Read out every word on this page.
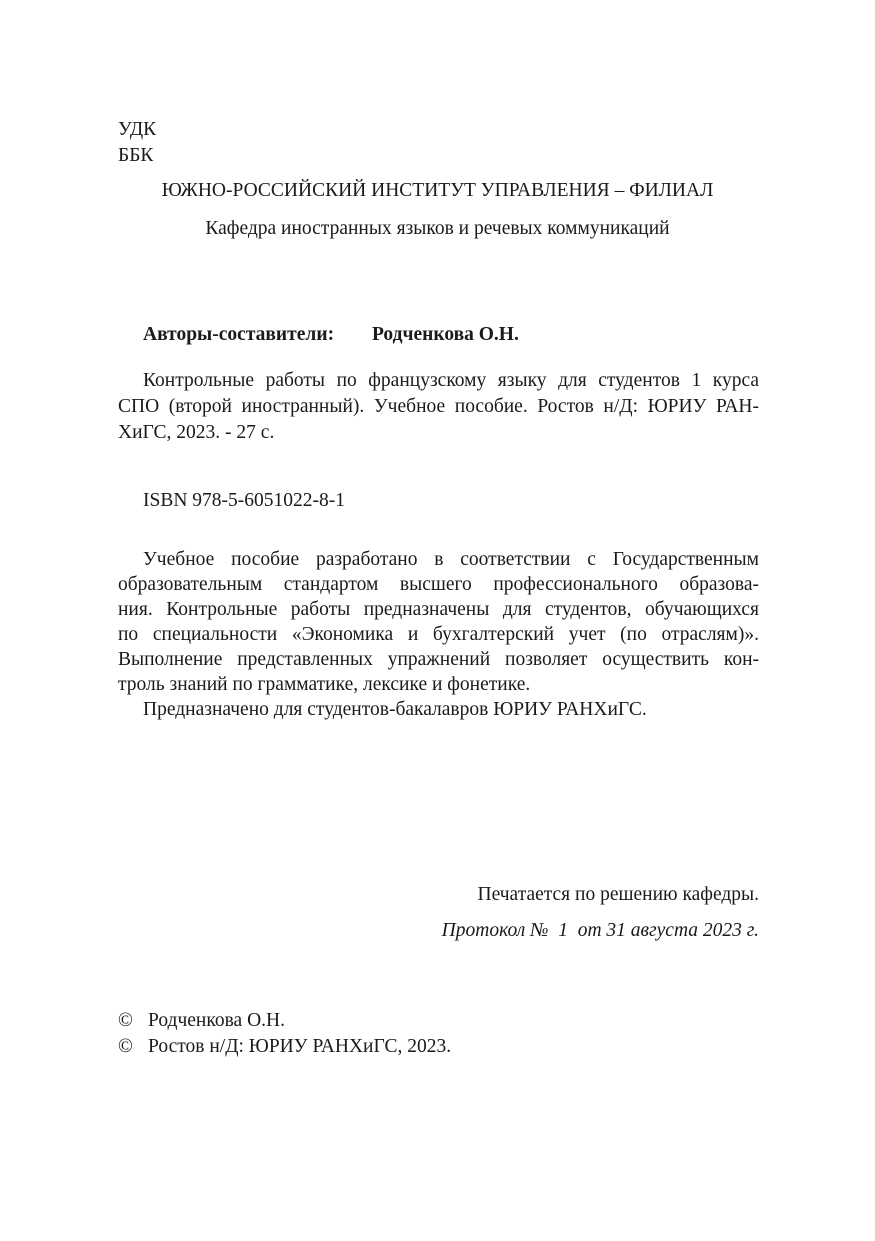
УДК
ББК
ЮЖНО-РОССИЙСКИЙ ИНСТИТУТ УПРАВЛЕНИЯ – ФИЛИАЛ
Кафедра иностранных языков и речевых коммуникаций
Авторы-составители: Родченкова О.Н.
Контрольные работы по французскому языку для студентов 1 курса
СПО (второй иностранный). Учебное пособие. Ростов н/Д: ЮРИУ РАН-
ХиГС, 2023. - 27 с.
ISBN 978-5-6051022-8-1
Учебное пособие разработано в соответствии с Государственным
образовательным стандартом высшего профессионального образова-
ния. Контрольные работы предназначены для студентов, обучающихся
по специальности «Экономика и бухгалтерский учет (по отраслям)».
Выполнение представленных упражнений позволяет осуществить кон-
троль знаний по грамматике, лексике и фонетике.
Предназначено для студентов-бакалавров ЮРИУ РАНХиГС.
Печатается по решению кафедры.
Протокол №  1  от 31 августа 2023 г.
© Родченкова О.Н.
© Ростов н/Д: ЮРИУ РАНХиГС, 2023.
